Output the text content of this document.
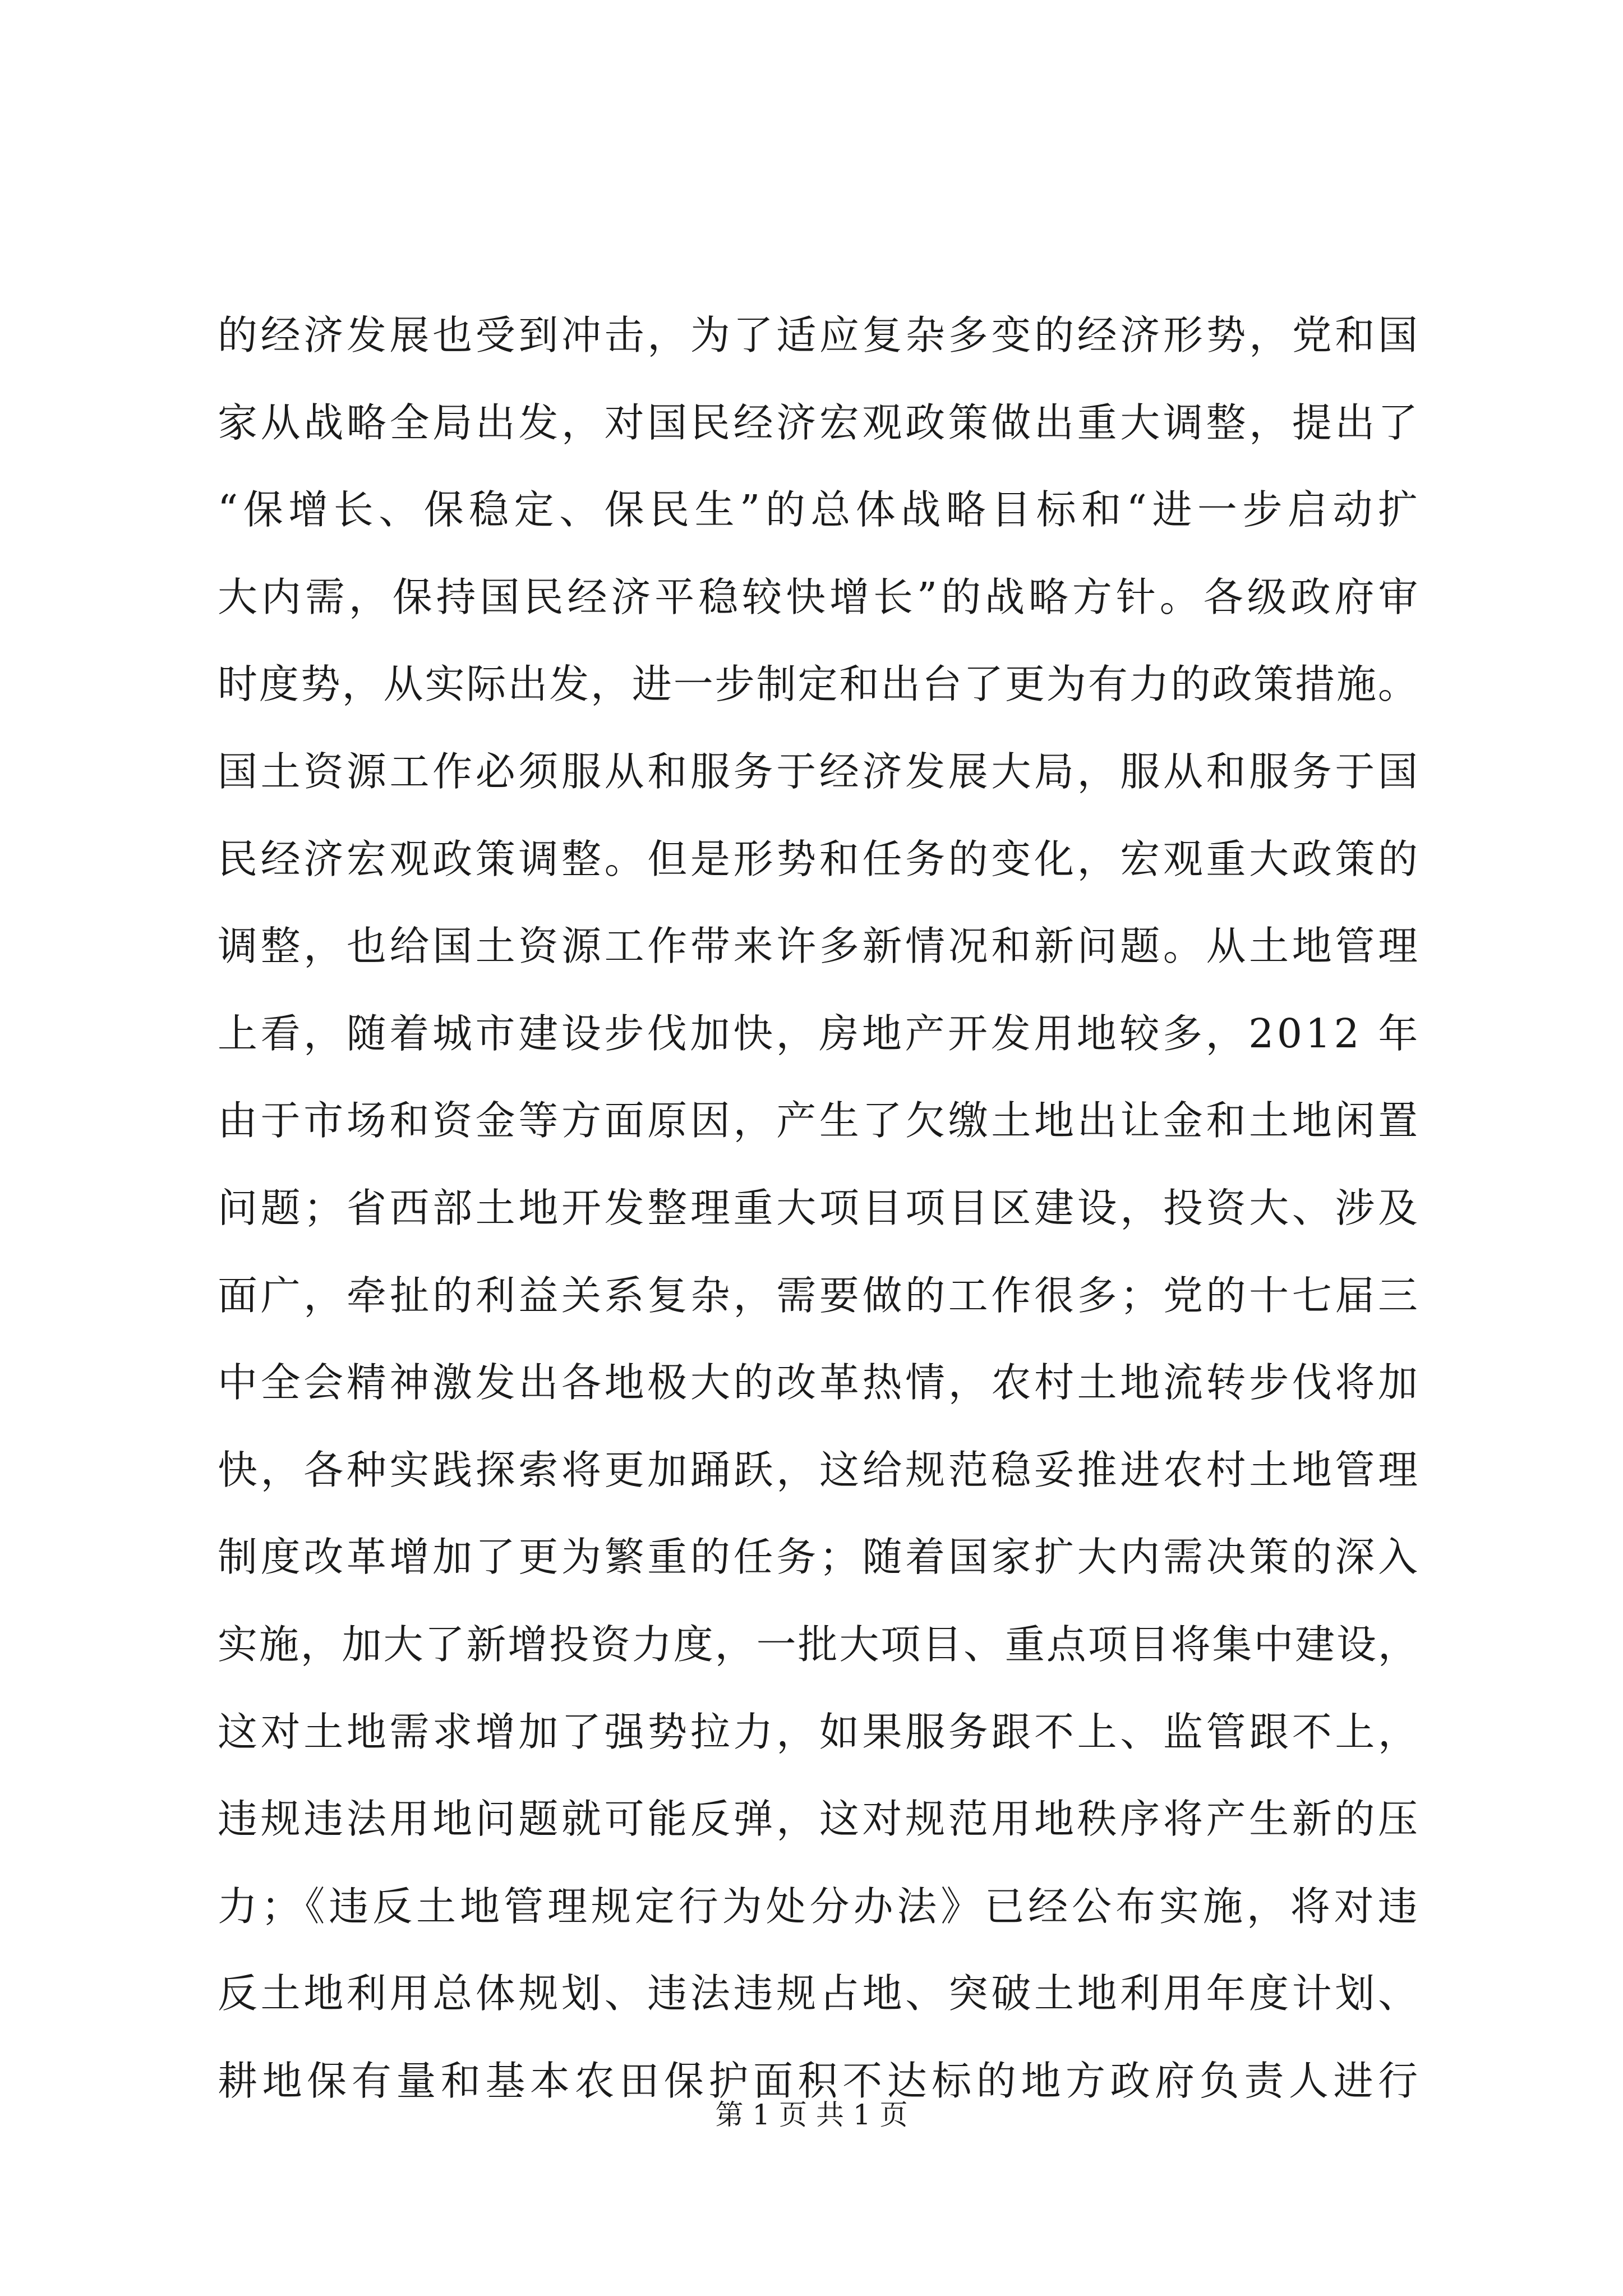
的经济发展也受到冲击，为了适应复杂多变的经济形势，党和国
家从战略全局出发，对国民经济宏观政策做出重大调整，提出了
“保增长、保稳定、保民生”的总体战略目标和“进一步启动扩
大内需，保持国民经济平稳较快增长”的战略方针。各级政府审
时度势，从实际出发，进一步制定和出台了更为有力的政策措施。
国土资源工作必须服从和服务于经济发展大局，服从和服务于国
民经济宏观政策调整。但是形势和任务的变化，宏观重大政策的
调整，也给国土资源工作带来许多新情况和新问题。从土地管理
上看，随着城市建设步伐加快，房地产开发用地较多，2012 年
由于市场和资金等方面原因，产生了欠缴土地出让金和土地闲置
问题；省西部土地开发整理重大项目项目区建设，投资大、涉及
面广，牵扯的利益关系复杂，需要做的工作很多；党的十七届三
中全会精神激发出各地极大的改革热情，农村土地流转步伐将加
快，各种实践探索将更加踊跃，这给规范稳妥推进农村土地管理
制度改革增加了更为繁重的任务；随着国家扩大内需决策的深入
实施，加大了新增投资力度，一批大项目、重点项目将集中建设，
这对土地需求增加了强势拉力，如果服务跟不上、监管跟不上，
违规违法用地问题就可能反弹，这对规范用地秩序将产生新的压
力；《违反土地管理规定行为处分办法》已经公布实施，将对违
反土地利用总体规划、违法违规占地、突破土地利用年度计划、
耕地保有量和基本农田保护面积不达标的地方政府负责人进行
第 1 页 共 1 页
